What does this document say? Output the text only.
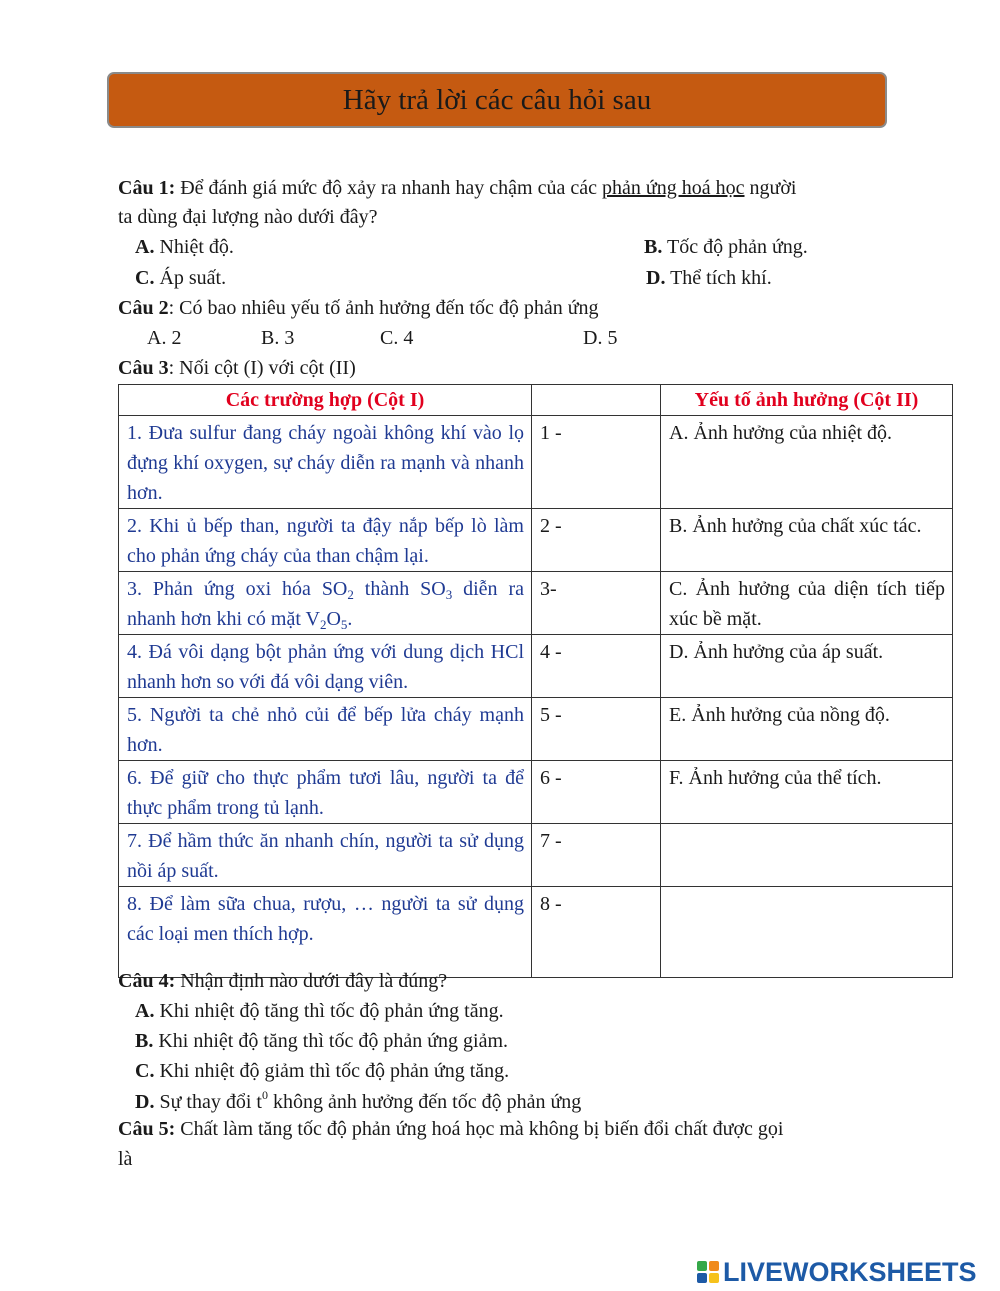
Hãy trả lời các câu hỏi sau
Câu 1: Để đánh giá mức độ xảy ra nhanh hay chậm của các phản ứng hoá học người
ta dùng đại lượng nào dưới đây?
A. Nhiệt độ.	B. Tốc độ phản ứng.
C. Áp suất.	D. Thể tích khí.
Câu 2: Có bao nhiêu yếu tố ảnh hưởng đến tốc độ phản ứng
A. 2	B. 3	C. 4	D. 5
Câu 3: Nối cột (I) với cột (II)
Các trường hợp (Cột I)		Yếu tố ảnh hưởng (Cột II)
1. Đưa sulfur đang cháy ngoài không khí vào lọ đựng khí oxygen, sự cháy diễn ra mạnh và nhanh hơn.	1 -	A. Ảnh hưởng của nhiệt độ.
2. Khi ủ bếp than, người ta đậy nắp bếp lò làm cho phản ứng cháy của than chậm lại.	2 -	B. Ảnh hưởng của chất xúc tác.
3. Phản ứng oxi hóa $SO_2$ thành $SO_3$ diễn ra nhanh hơn khi có mặt $V_2O_5$.	3-	C. Ảnh hưởng của diện tích tiếp xúc bề mặt.
4. Đá vôi dạng bột phản ứng với dung dịch HCl nhanh hơn so với đá vôi dạng viên.	4 -	D. Ảnh hưởng của áp suất.
5. Người ta chẻ nhỏ củi để bếp lửa cháy mạnh hơn.	5 -	E. Ảnh hưởng của nồng độ.
6. Để giữ cho thực phẩm tươi lâu, người ta để thực phẩm trong tủ lạnh.	6 -	F. Ảnh hưởng của thể tích.
7. Để hầm thức ăn nhanh chín, người ta sử dụng nồi áp suất.	7 -	
8. Để làm sữa chua, rượu, … người ta sử dụng các loại men thích hợp.	8 -	
Câu 4: Nhận định nào dưới đây là đúng?
A. Khi nhiệt độ tăng thì tốc độ phản ứng tăng.
B. Khi nhiệt độ tăng thì tốc độ phản ứng giảm.
C. Khi nhiệt độ giảm thì tốc độ phản ứng tăng.
D. Sự thay đổi $t^0$ không ảnh hưởng đến tốc độ phản ứng
Câu 5: Chất làm tăng tốc độ phản ứng hoá học mà không bị biến đổi chất được gọi
là
LIVEWORKSHEETS
